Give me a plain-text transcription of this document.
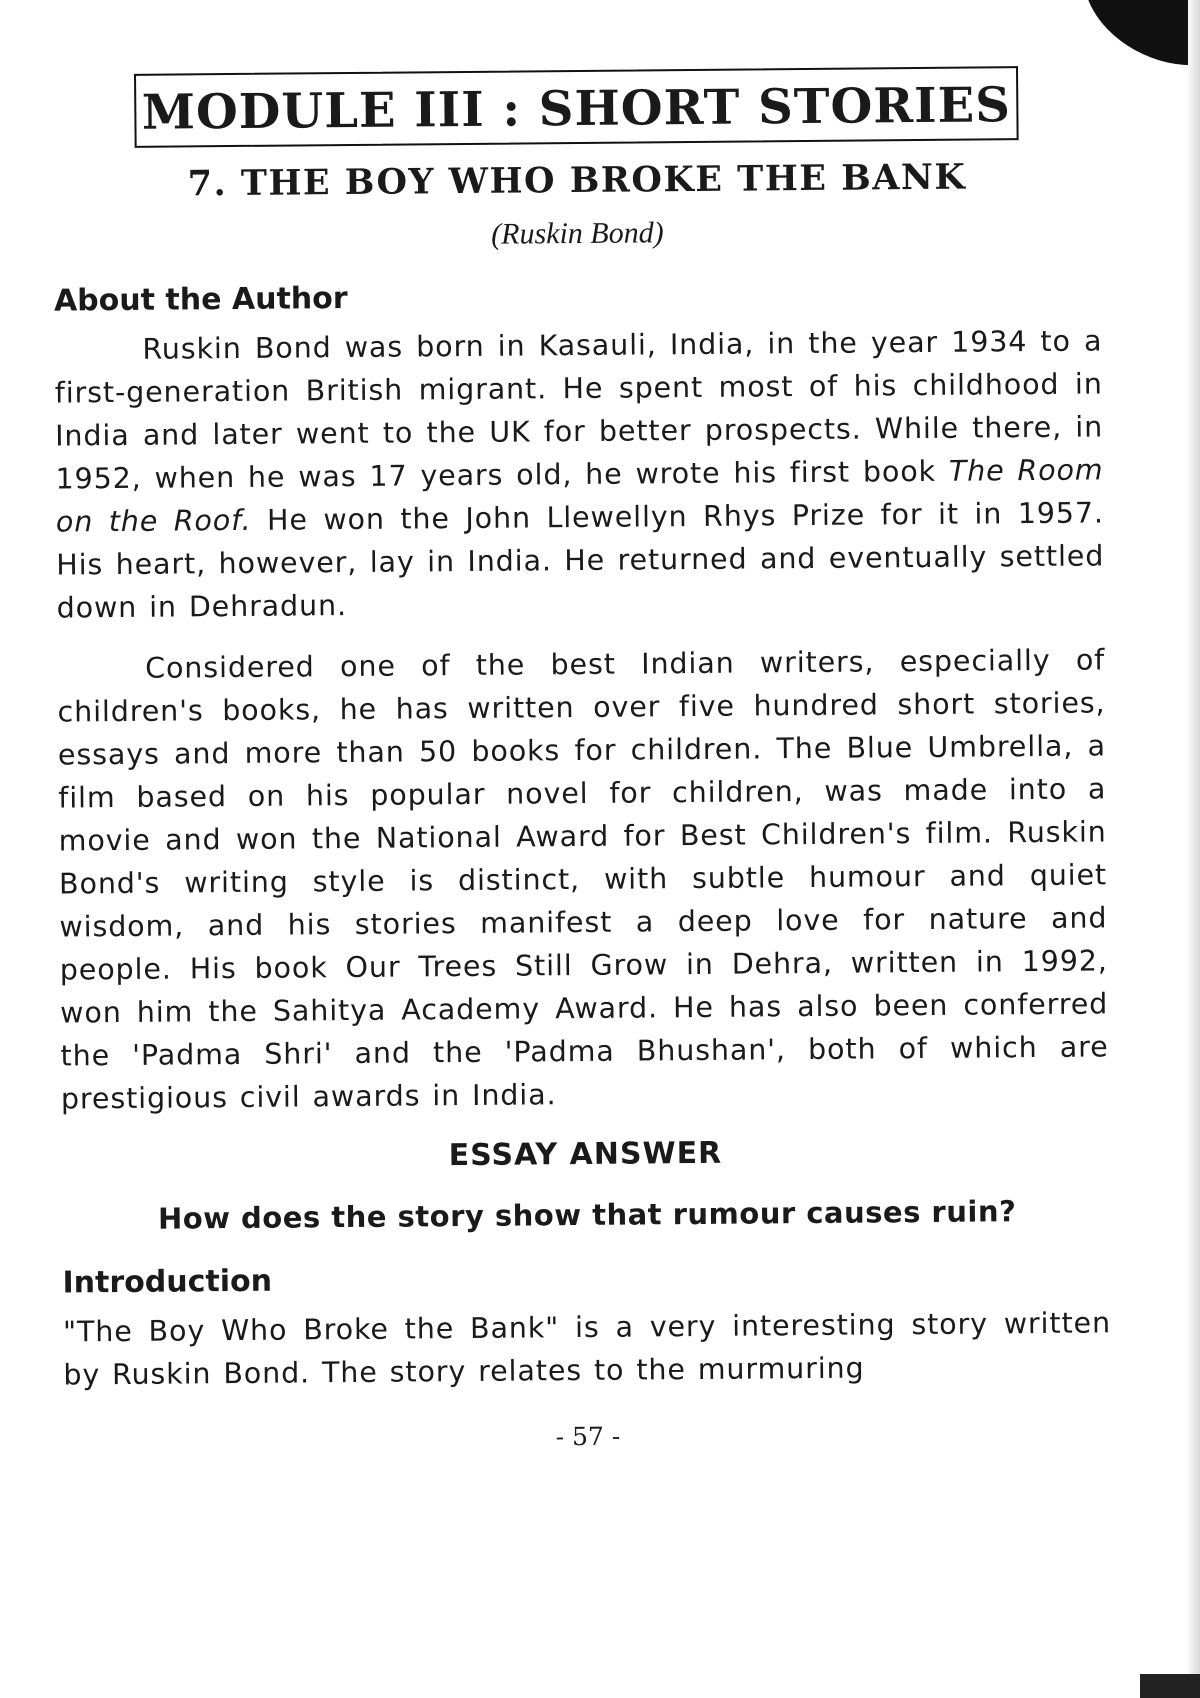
MODULE III : SHORT STORIES
7. THE BOY WHO BROKE THE BANK
(Ruskin Bond)
About the Author

Ruskin Bond was born in Kasauli, India, in the year 1934 to a first-generation British migrant. He spent most of his childhood in India and later went to the UK for better prospects. While there, in 1952, when he was 17 years old, he wrote his first book The Room on the Roof. He won the John Llewellyn Rhys Prize for it in 1957. His heart, however, lay in India. He returned and eventually settled down in Dehradun.

Considered one of the best Indian writers, especially of children's books, he has written over five hundred short stories, essays and more than 50 books for children. The Blue Umbrella, a film based on his popular novel for children, was made into a movie and won the National Award for Best Children's film. Ruskin Bond's writing style is distinct, with subtle humour and quiet wisdom, and his stories manifest a deep love for nature and people. His book Our Trees Still Grow in Dehra, written in 1992, won him the Sahitya Academy Award. He has also been conferred the 'Padma Shri' and the 'Padma Bhushan', both of which are prestigious civil awards in India.

ESSAY ANSWER
How does the story show that rumour causes ruin?
Introduction

"The Boy Who Broke the Bank" is a very interesting story written by Ruskin Bond. The story relates to the murmuring

- 57 -
